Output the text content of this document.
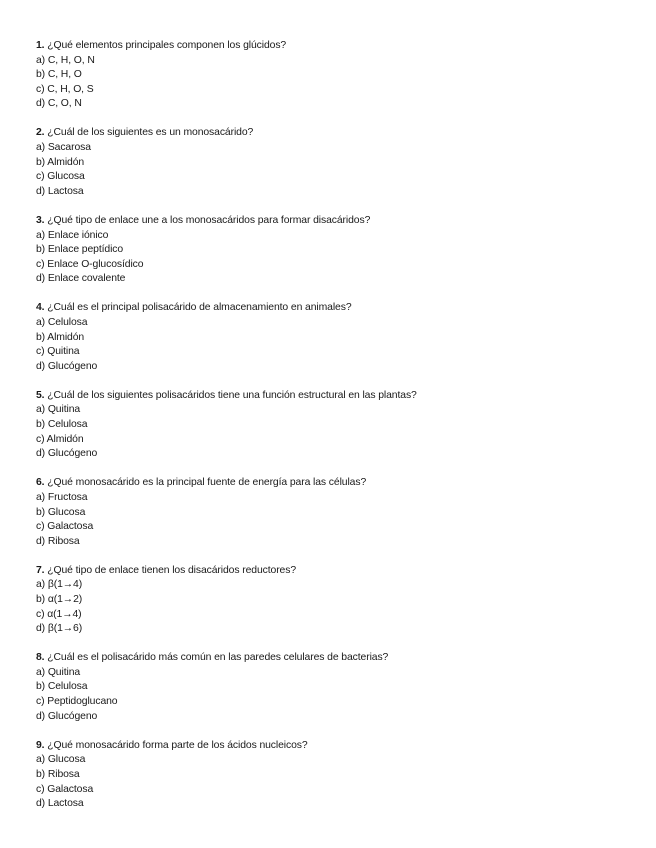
1. ¿Qué elementos principales componen los glúcidos?
a) C, H, O, N
b) C, H, O
c) C, H, O, S
d) C, O, N
2. ¿Cuál de los siguientes es un monosacárido?
a) Sacarosa
b) Almidón
c) Glucosa
d) Lactosa
3. ¿Qué tipo de enlace une a los monosacáridos para formar disacáridos?
a) Enlace iónico
b) Enlace peptídico
c) Enlace O-glucosídico
d) Enlace covalente
4. ¿Cuál es el principal polisacárido de almacenamiento en animales?
a) Celulosa
b) Almidón
c) Quitina
d) Glucógeno
5. ¿Cuál de los siguientes polisacáridos tiene una función estructural en las plantas?
a) Quitina
b) Celulosa
c) Almidón
d) Glucógeno
6. ¿Qué monosacárido es la principal fuente de energía para las células?
a) Fructosa
b) Glucosa
c) Galactosa
d) Ribosa
7. ¿Qué tipo de enlace tienen los disacáridos reductores?
a) β(1→4)
b) α(1→2)
c) α(1→4)
d) β(1→6)
8. ¿Cuál es el polisacárido más común en las paredes celulares de bacterias?
a) Quitina
b) Celulosa
c) Peptidoglucano
d) Glucógeno
9. ¿Qué monosacárido forma parte de los ácidos nucleicos?
a) Glucosa
b) Ribosa
c) Galactosa
d) Lactosa
